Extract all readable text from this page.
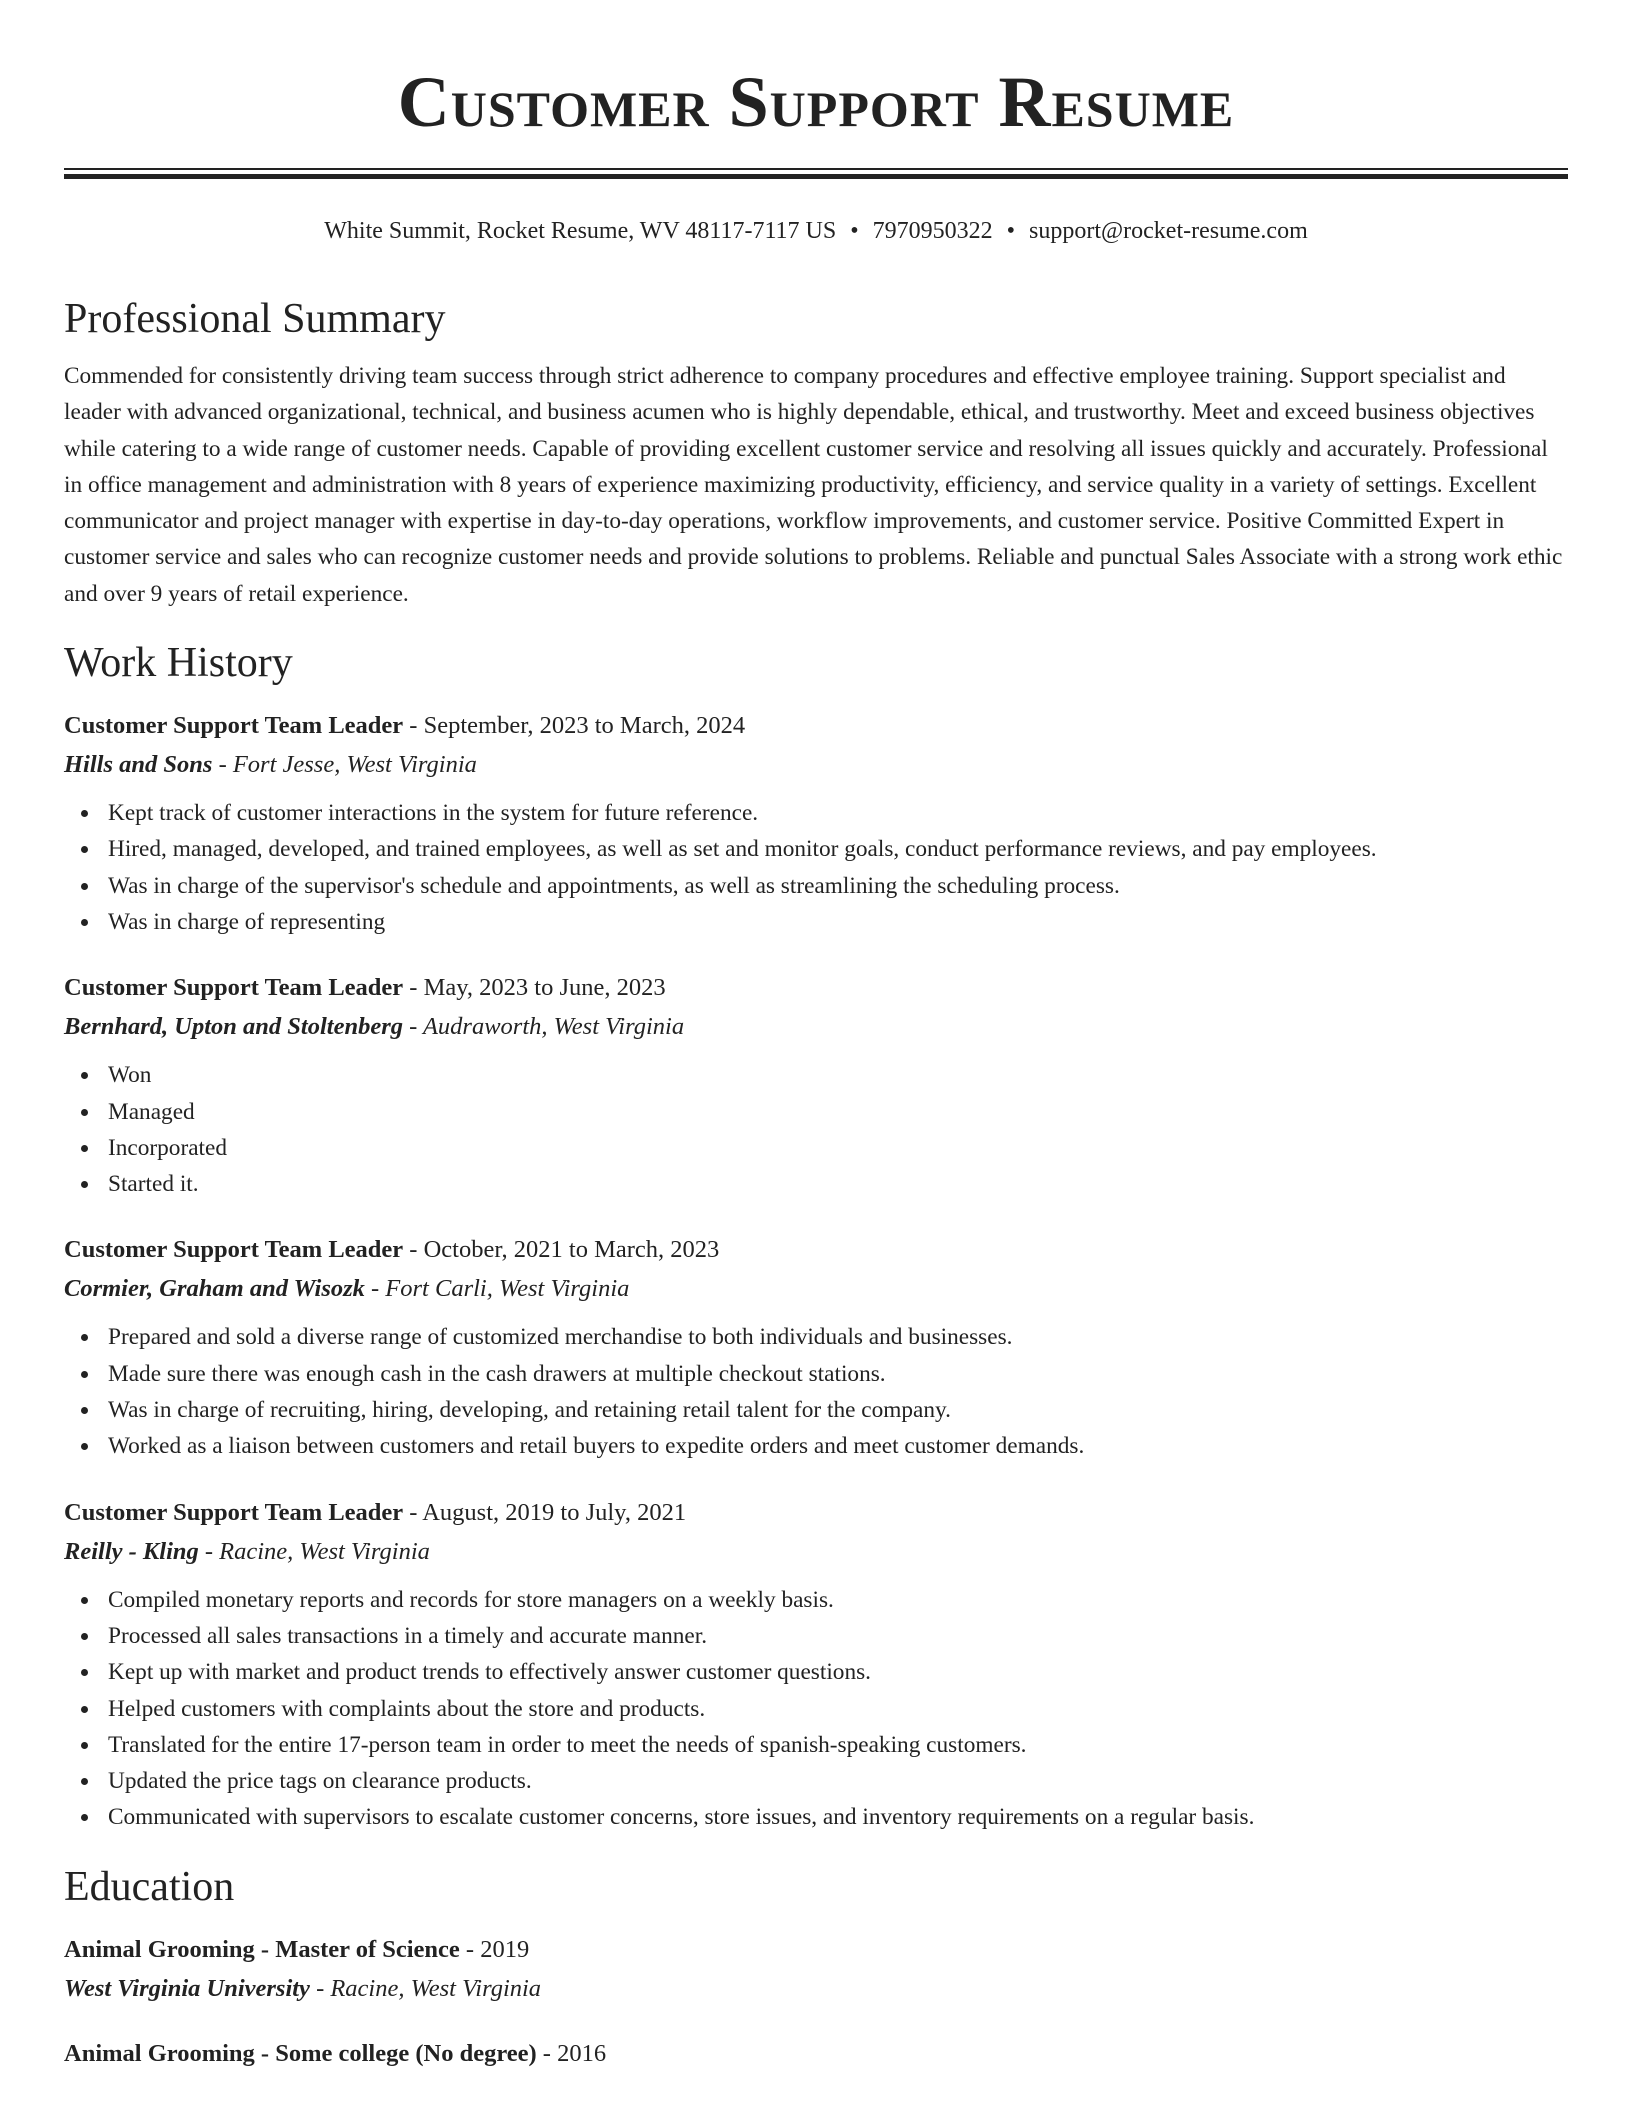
Customer Support Resume
White Summit, Rocket Resume, WV 48117-7117 US • 7970950322 • support@rocket-resume.com
Professional Summary

Commended for consistently driving team success through strict adherence to company procedures and effective employee training. Support specialist and leader with advanced organizational, technical, and business acumen who is highly dependable, ethical, and trustworthy. Meet and exceed business objectives while catering to a wide range of customer needs. Capable of providing excellent customer service and resolving all issues quickly and accurately. Professional in office management and administration with 8 years of experience maximizing productivity, efficiency, and service quality in a variety of settings. Excellent communicator and project manager with expertise in day-to-day operations, workflow improvements, and customer service. Positive Committed Expert in customer service and sales who can recognize customer needs and provide solutions to problems. Reliable and punctual Sales Associate with a strong work ethic and over 9 years of retail experience.

Work History
Customer Support Team Leader - September, 2023 to March, 2024
Hills and Sons - Fort Jesse, West Virginia
Kept track of customer interactions in the system for future reference.
Hired, managed, developed, and trained employees, as well as set and monitor goals, conduct performance reviews, and pay employees.
Was in charge of the supervisor's schedule and appointments, as well as streamlining the scheduling process.
Was in charge of representing
Customer Support Team Leader - May, 2023 to June, 2023
Bernhard, Upton and Stoltenberg - Audraworth, West Virginia
Won
Managed
Incorporated
Started it.
Customer Support Team Leader - October, 2021 to March, 2023
Cormier, Graham and Wisozk - Fort Carli, West Virginia
Prepared and sold a diverse range of customized merchandise to both individuals and businesses.
Made sure there was enough cash in the cash drawers at multiple checkout stations.
Was in charge of recruiting, hiring, developing, and retaining retail talent for the company.
Worked as a liaison between customers and retail buyers to expedite orders and meet customer demands.
Customer Support Team Leader - August, 2019 to July, 2021
Reilly - Kling - Racine, West Virginia
Compiled monetary reports and records for store managers on a weekly basis.
Processed all sales transactions in a timely and accurate manner.
Kept up with market and product trends to effectively answer customer questions.
Helped customers with complaints about the store and products.
Translated for the entire 17-person team in order to meet the needs of spanish-speaking customers.
Updated the price tags on clearance products.
Communicated with supervisors to escalate customer concerns, store issues, and inventory requirements on a regular basis.
Education
Animal Grooming - Master of Science - 2019
West Virginia University - Racine, West Virginia
Animal Grooming - Some college (No degree) - 2016
